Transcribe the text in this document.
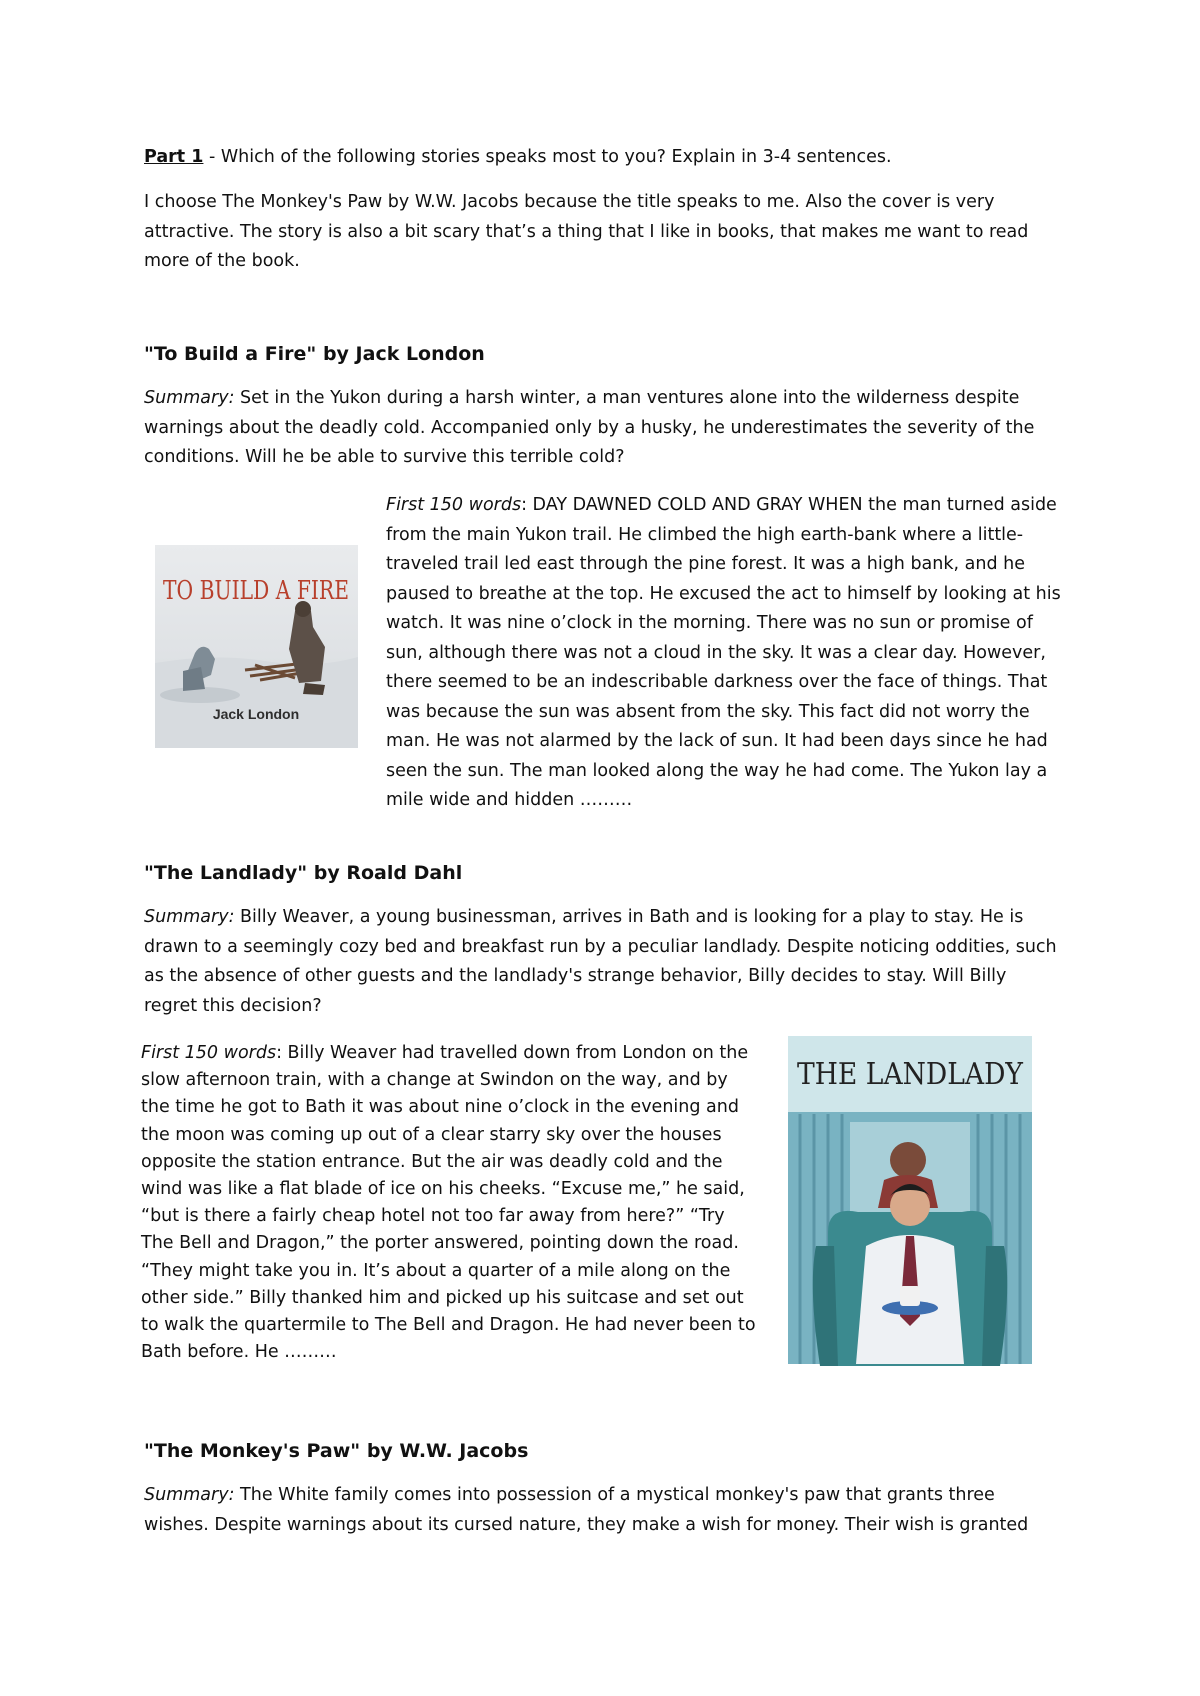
Part 1 - Which of the following stories speaks most to you? Explain in 3-4 sentences.
I choose The Monkey's Paw by W.W. Jacobs because the title speaks to me. Also the cover is very attractive. The story is also a bit scary that’s a thing that I like in books, that makes me want to read more of the book.
"To Build a Fire" by Jack London
Summary: Set in the Yukon during a harsh winter, a man ventures alone into the wilderness despite warnings about the deadly cold. Accompanied only by a husky, he underestimates the severity of the conditions. Will he be able to survive this terrible cold?
Jack London
TO BUILD A FIRE
First 150 words: DAY DAWNED COLD AND GRAY WHEN the man turned aside from the main Yukon trail. He climbed the high earth-bank where a little-traveled trail led east through the pine forest. It was a high bank, and he paused to breathe at the top. He excused the act to himself by looking at his watch. It was nine o’clock in the morning. There was no sun or promise of sun, although there was not a cloud in the sky. It was a clear day. However, there seemed to be an indescribable darkness over the face of things. That was because the sun was absent from the sky. This fact did not worry the man. He was not alarmed by the lack of sun. It had been days since he had seen the sun. The man looked along the way he had come. The Yukon lay a mile wide and hidden ………
"The Landlady" by Roald Dahl
Summary: Billy Weaver, a young businessman, arrives in Bath and is looking for a play to stay. He is drawn to a seemingly cozy bed and breakfast run by a peculiar landlady. Despite noticing oddities, such as the absence of other guests and the landlady's strange behavior, Billy decides to stay. Will Billy regret this decision?
First 150 words: Billy Weaver had travelled down from London on the slow afternoon train, with a change at Swindon on the way, and by the time he got to Bath it was about nine o’clock in the evening and the moon was coming up out of a clear starry sky over the houses opposite the station entrance. But the air was deadly cold and the wind was like a flat blade of ice on his cheeks. “Excuse me,” he said, “but is there a fairly cheap hotel not too far away from here?” “Try The Bell and Dragon,” the porter answered, pointing down the road. “They might take you in. It’s about a quarter of a mile along on the other side.” Billy thanked him and picked up his suitcase and set out to walk the quartermile to The Bell and Dragon. He had never been to Bath before. He ………
THE LANDLADY
"The Monkey's Paw" by W.W. Jacobs
Summary: The White family comes into possession of a mystical monkey's paw that grants three wishes. Despite warnings about its cursed nature, they make a wish for money. Their wish is granted
